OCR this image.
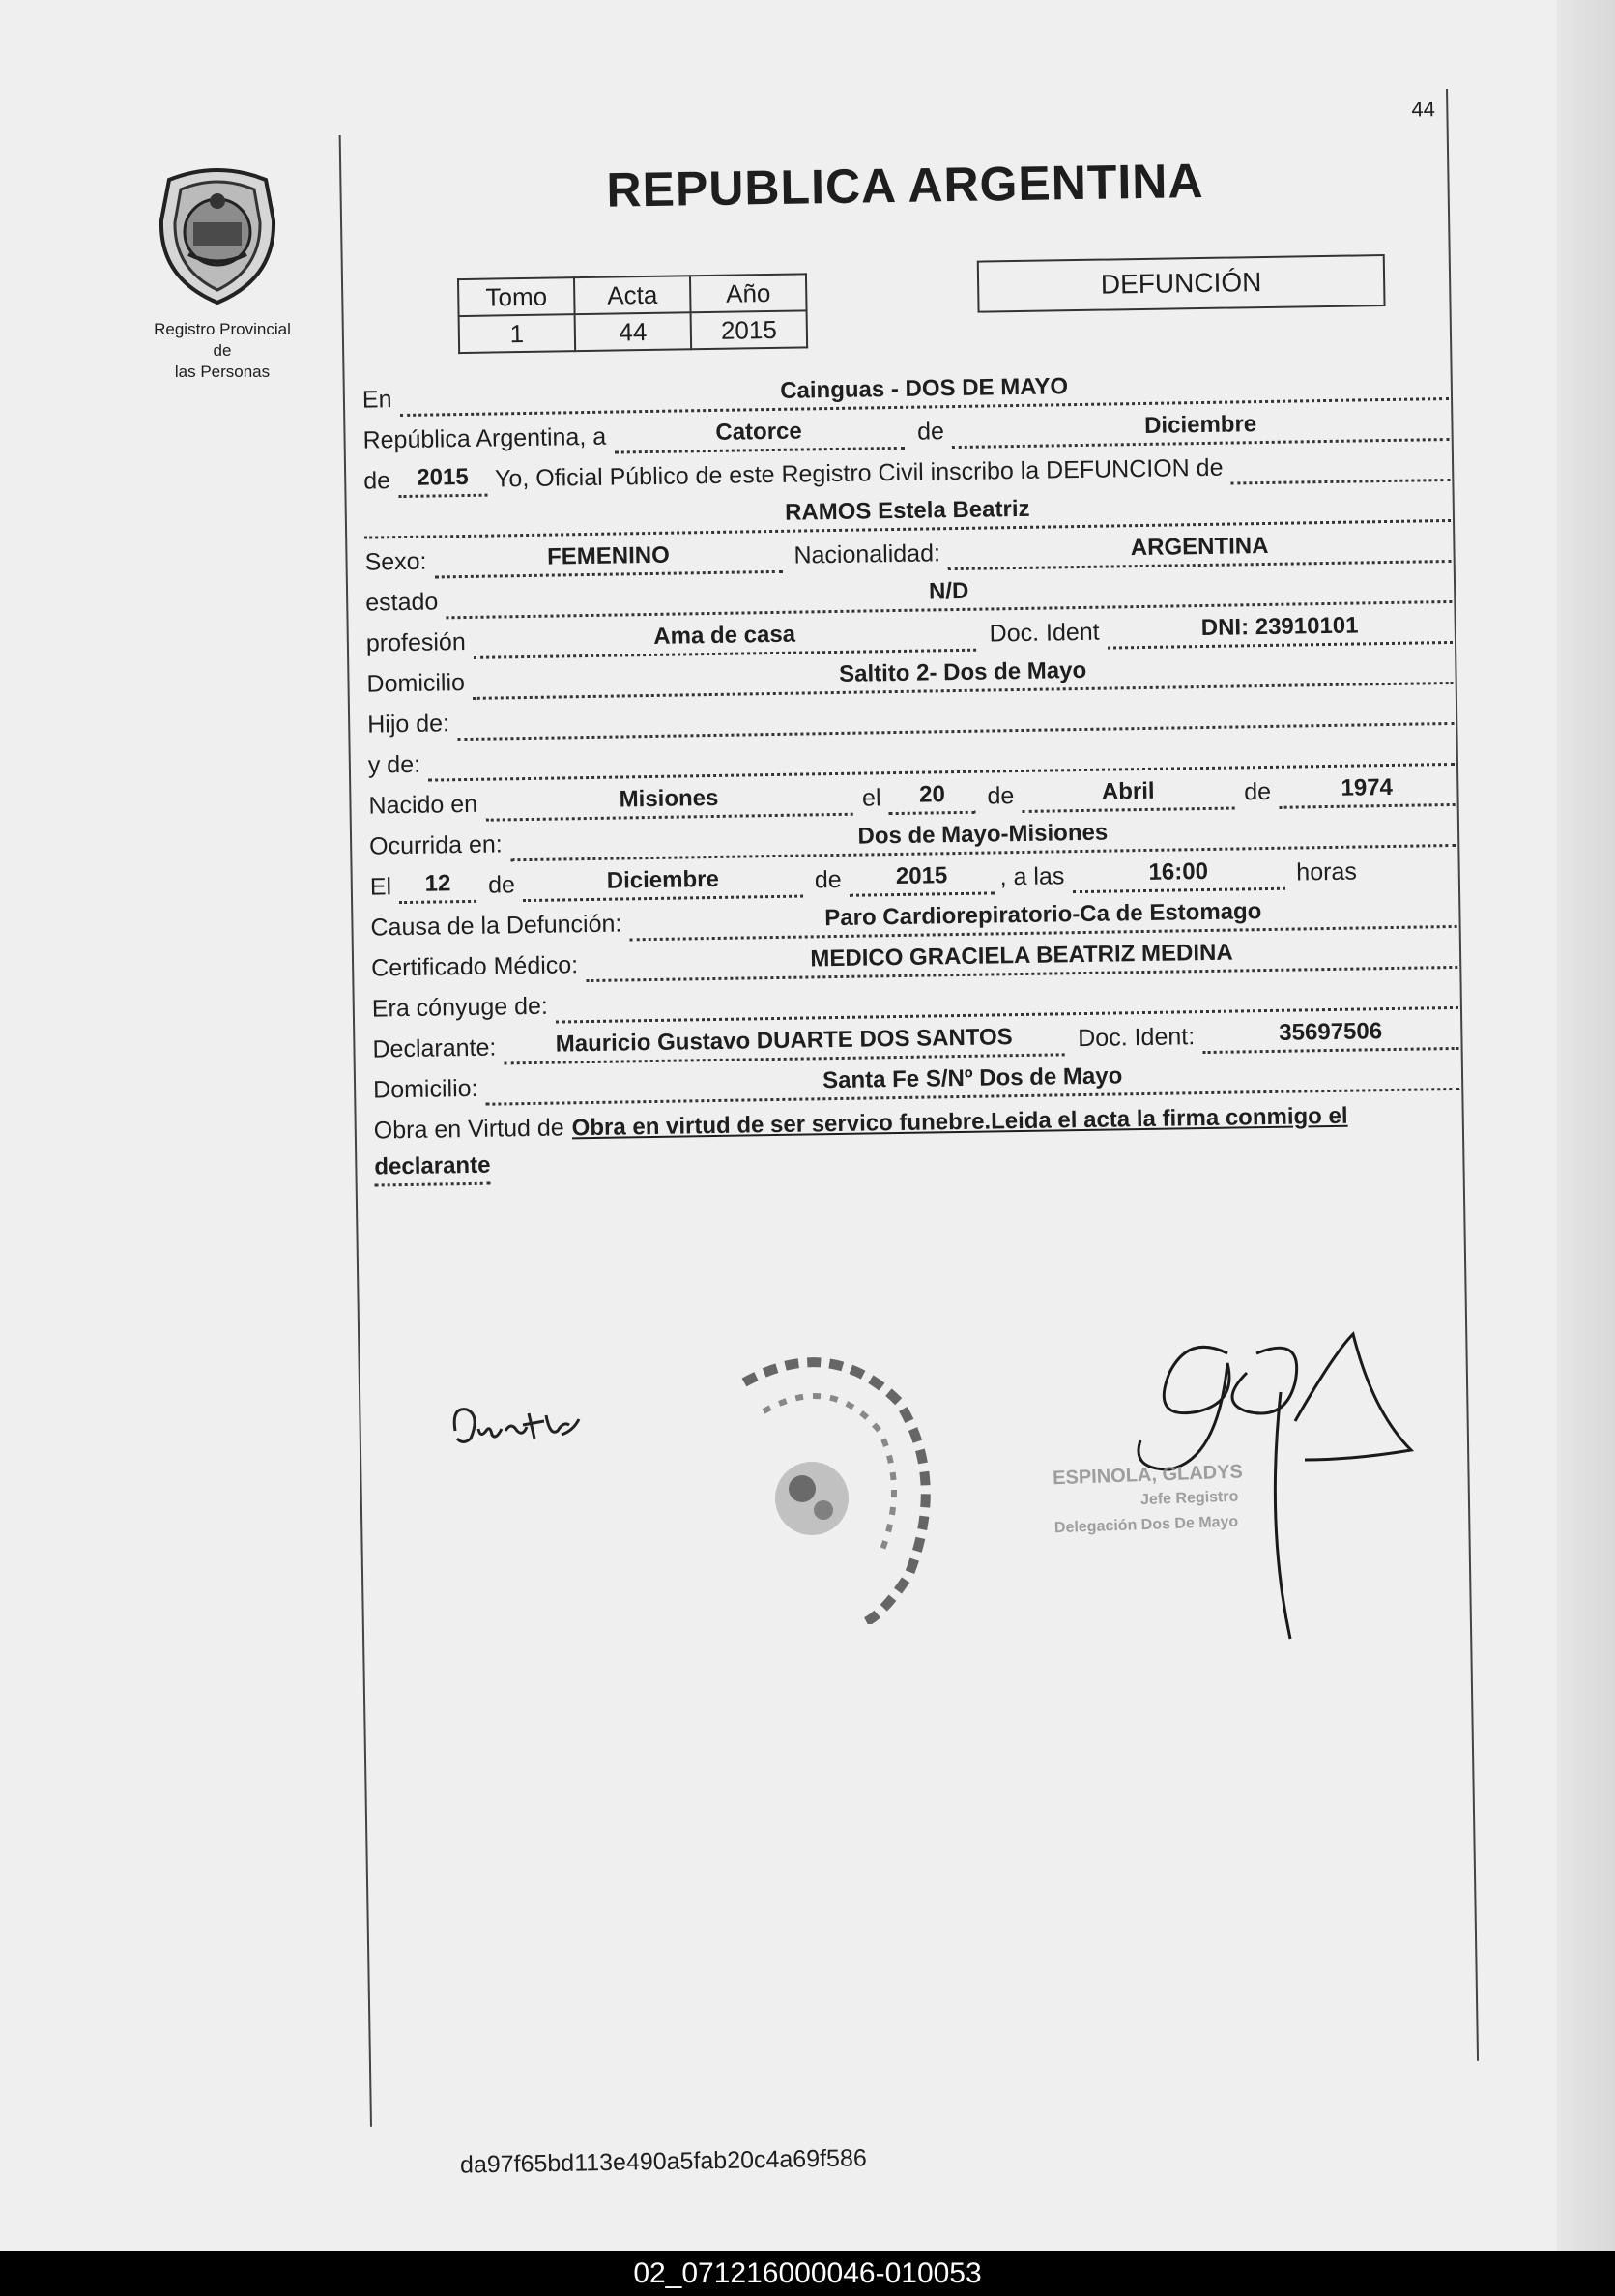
Registro Provincial de
las Personas
44
REPUBLICA ARGENTINA
Tomo	Acta	Año
1	44	2015
DEFUNCIÓN
En	Cainguas - DOS DE MAYO
República Argentina, a	Catorce	de	Diciembre
de	2015	Yo, Oficial Público de este Registro Civil inscribo la DEFUNCION de
RAMOS Estela Beatriz
Sexo:	FEMENINO	Nacionalidad:	ARGENTINA
estado	N/D
profesión	Ama de casa	Doc. Ident	DNI: 23910101
Domicilio	Saltito 2- Dos de Mayo
Hijo de:
y de:
Nacido en	Misiones	el	20	de	Abril	de	1974
Ocurrida en:	Dos de Mayo-Misiones
El	12	de	Diciembre	de	2015	, a las	16:00	horas
Causa de la Defunción:	Paro Cardiorepiratorio-Ca de Estomago
Certificado Médico:	MEDICO GRACIELA BEATRIZ MEDINA
Era cónyuge de:
Declarante:	Mauricio Gustavo DUARTE DOS SANTOS	Doc. Ident:	35697506
Domicilio:	Santa Fe S/Nº Dos de Mayo
Obra en Virtud de Obra en virtud de ser servico funebre.Leida el acta la firma conmigo el
declarante
ESPINOLA, GLADYS
Jefe Registro
Delegación Dos De Mayo
da97f65bd113e490a5fab20c4a69f586
02_071216000046-010053
